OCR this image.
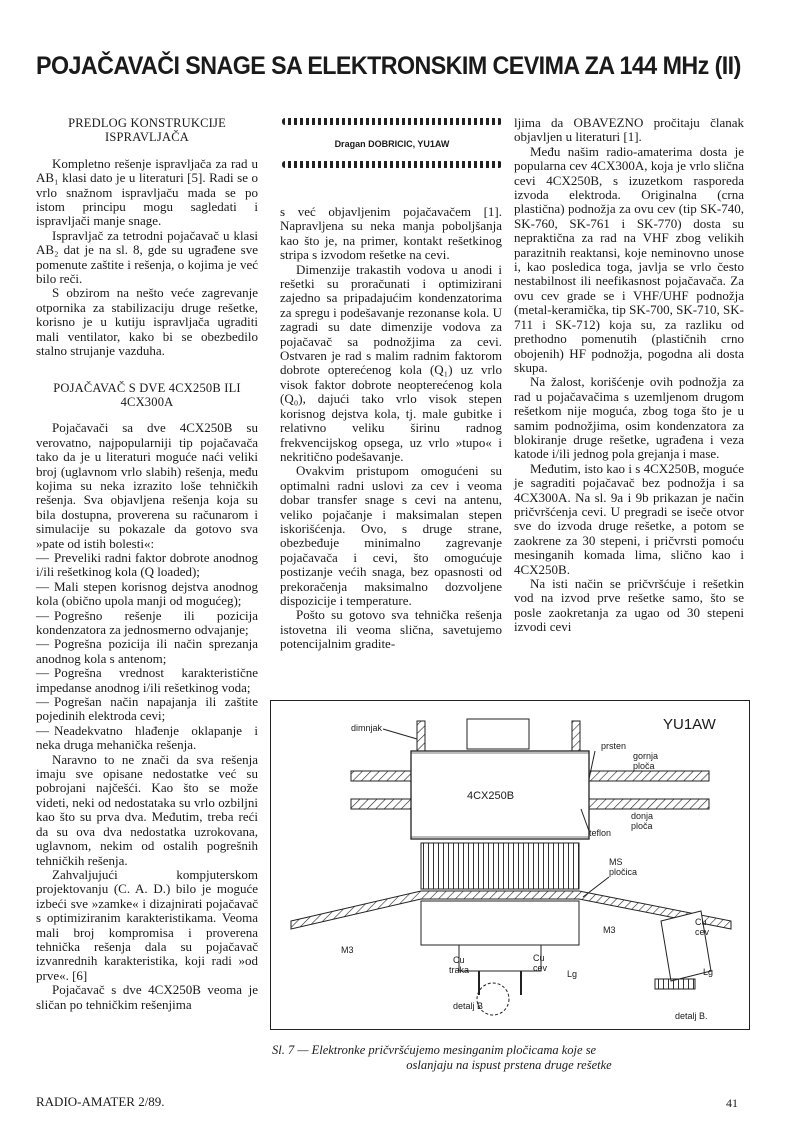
POJAČAVAČI SNAGE SA ELEKTRONSKIM CEVIMA ZA 144 MHz (II)

PREDLOG KONSTRUKCIJE ISPRAVLJAČA

Kompletno rešenje ispravljača za rad u AB₁ klasi dato je u literaturi [5]. Radi se o vrlo snažnom ispravljaču mada se po istom principu mogu sagledati i ispravljači manje snage.

Ispravljač za tetrodni pojačavač u klasi AB₂ dat je na sl. 8, gde su ugrađene sve pomenute zaštite i rešenja, o kojima je već bilo reči.

S obzirom na nešto veće zagrevanje otpornika za stabilizaciju druge rešetke, korisno je u kutiju ispravljača ugraditi mali ventilator, kako bi se obezbedilo stalno strujanje vazduha.

POJAČAVAČ S DVE 4CX250B ILI 4CX300A

Pojačavači sa dve 4CX250B su verovatno, najpopularniji tip pojačavača tako da je u literaturi moguće naći veliki broj (uglavnom vrlo slabih) rešenja, među kojima su neka izrazito loše tehničkih rešenja. Sva objavljena rešenja koja su bila dostupna, proverena su računarom i simulacije su pokazale da gotovo sva »pate od istih bolesti«:

— Preveliki radni faktor dobrote anodnog i/ili rešetkinog kola (Q loaded);

— Mali stepen korisnog dejstva anodnog kola (obično upola manji od mogućeg);

— Pogrešno rešenje ili pozicija kondenzatora za jednosmerno odvajanje;

— Pogrešna pozicija ili način sprezanja anodnog kola s antenom;

— Pogrešna vrednost karakteristične impedanse anodnog i/ili rešetkinog voda;

— Pogrešan način napajanja ili zaštite pojedinih elektroda cevi;

— Neadekvatno hlađenje oklapanje i neka druga mehanička rešenja.

Naravno to ne znači da sva rešenja imaju sve opisane nedostatke već su pobrojani najčešći. Kao što se može videti, neki od nedostataka su vrlo ozbiljni kao što su prva dva. Međutim, treba reći da su ova dva nedostatka uzrokovana, uglavnom, nekim od ostalih pogrešnih tehničkih rešenja.

Zahvaljujući kompjuterskom projektovanju (C. A. D.) bilo je moguće izbeći sve »zamke« i dizajnirati pojačavač s optimiziranim karakteristikama. Veoma mali broj kompromisa i proverena tehnička rešenja dala su pojačavač izvanrednih karakteristika, koji radi »od prve«. [6]

Pojačavač s dve 4CX250B veoma je sličan po tehničkim rešenjima

Dragan DOBRICIC, YU1AW

s već objavljenim pojačavačem [1]. Napravljena su neka manja poboljšanja kao što je, na primer, kontakt rešetkinog stripa s izvodom rešetke na cevi.

Dimenzije trakastih vodova u anodi i rešetki su proračunati i optimizirani zajedno sa pripadajućim kondenzatorima za spregu i podešavanje rezonanse kola. U zagradi su date dimenzije vodova za pojačavač sa podnožjima za cevi. Ostvaren je rad s malim radnim faktorom dobrote opterećenog kola (Q₁) uz vrlo visok faktor dobrote neopterećenog kola (Q₀), dajući tako vrlo visok stepen korisnog dejstva kola, tj. male gubitke i relativno veliku širinu radnog frekvencijskog opsega, uz vrlo »tupo« i nekritično podešavanje.

Ovakvim pristupom omogućeni su optimalni radni uslovi za cev i veoma dobar transfer snage s cevi na antenu, veliko pojačanje i maksimalan stepen iskorišćenja. Ovo, s druge strane, obezbeđuje minimalno zagrevanje pojačavača i cevi, što omogućuje postizanje većih snaga, bez opasnosti od prekoračenja maksimalno dozvoljene dispozicije i temperature.

Pošto su gotovo sva tehnička rešenja istovetna ili veoma slična, savetujemo potencijalnim gradite-

ljima da OBAVEZNO pročitaju članak objavljen u literaturi [1].

Među našim radio-amaterima dosta je popularna cev 4CX300A, koja je vrlo slična cevi 4CX250B, s izuzetkom rasporeda izvoda elektroda. Originalna (crna plastična) podnožja za ovu cev (tip SK-740, SK-760, SK-761 i SK-770) dosta su nepraktična za rad na VHF zbog velikih parazitnih reaktansi, koje neminovno unose i, kao posledica toga, javlja se vrlo često nestabilnost ili neefikasnost pojačavača. Za ovu cev grade se i VHF/UHF podnožja (metal-keramička, tip SK-700, SK-710, SK-711 i SK-712) koja su, za razliku od prethodno pomenutih (plastičnih crno obojenih) HF podnožja, pogodna ali dosta skupa.

Na žalost, korišćenje ovih podnožja za rad u pojačavačima s uzemljenom drugom rešetkom nije moguća, zbog toga što je u samim podnožjima, osim kondenzatora za blokiranje druge rešetke, ugrađena i veza katode i/ili jednog pola grejanja i mase.

Međutim, isto kao i s 4CX250B, moguće je sagraditi pojačavač bez podnožja i sa 4CX300A. Na sl. 9a i 9b prikazan je način pričvršćenja cevi. U pregradi se iseče otvor sve do izvoda druge rešetke, a potom se zaokrene za 30 stepeni, i pričvrsti pomoću mesinganih komada lima, slično kao i 4CX250B.

Na isti način se pričvršćuje i rešetkin vod na izvod prve rešetke samo, što se posle zaokretanja za ugao od 30 stepeni izvodi cevi

YU1AW
dimnjak
4CX250B
prsten
gornja
ploča
donja
ploča
teflon
MS
pločica
M3
M3
Cu
traka
Cu
cev
Lg
detalj B
Cu
cev
Lg
detalj B.
Sl. 7 — Elektronke pričvršćujemo mesinganim pločicama koje se
oslanjaju na ispust prstena druge rešetke
RADIO-AMATER 2/89.	41
